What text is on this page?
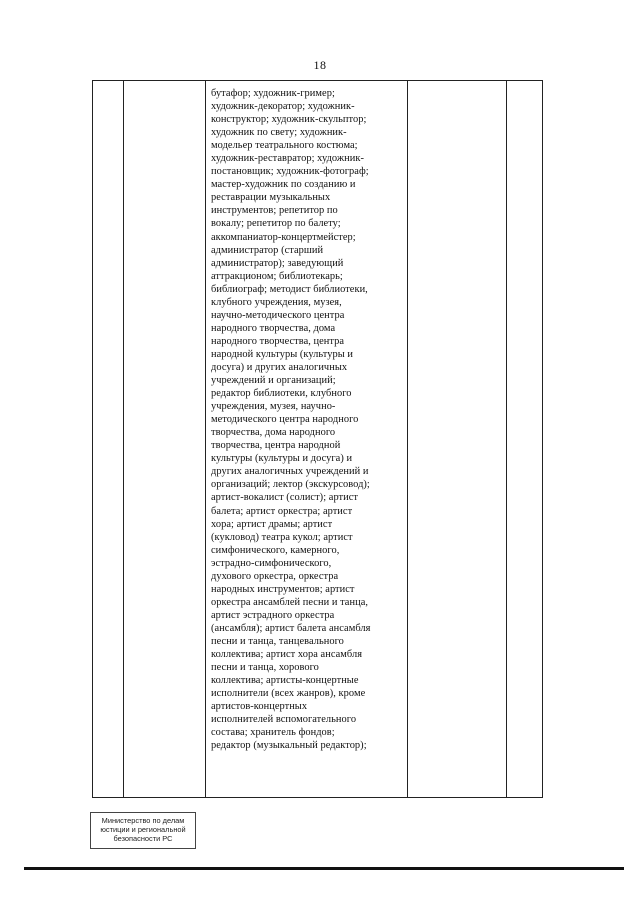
18

бутафор; художник-гример;
художник-декоратор; художник-
конструктор; художник-скульптор;
художник по свету; художник-
модельер театрального костюма;
художник-реставратор; художник-
постановщик; художник-фотограф;
мастер-художник по созданию и
реставрации музыкальных
инструментов; репетитор по
вокалу; репетитор по балету;
аккомпаниатор-концертмейстер;
администратор (старший
администратор); заведующий
аттракционом; библиотекарь;
библиограф; методист библиотеки,
клубного учреждения, музея,
научно-методического центра
народного творчества, дома
народного творчества, центра
народной культуры (культуры и
досуга) и других аналогичных
учреждений и организаций;
редактор библиотеки, клубного
учреждения, музея, научно-
методического центра народного
творчества, дома народного
творчества, центра народной
культуры (культуры и досуга) и
других аналогичных учреждений и
организаций; лектор (экскурсовод);
артист-вокалист (солист); артист
балета; артист оркестра; артист
хора; артист драмы; артист
(кукловод) театра кукол; артист
симфонического, камерного,
эстрадно-симфонического,
духового оркестра, оркестра
народных инструментов; артист
оркестра ансамблей песни и танца,
артист эстрадного оркестра
(ансамбля); артист балета ансамбля
песни и танца, танцевального
коллектива; артист хора ансамбля
песни и танца, хорового
коллектива; артисты-концертные
исполнители (всех жанров), кроме
артистов-концертных
исполнителей вспомогательного
состава; хранитель фондов;
редактор (музыкальный редактор);

Министерство по делам
юстиции и региональной
безопасности РС
